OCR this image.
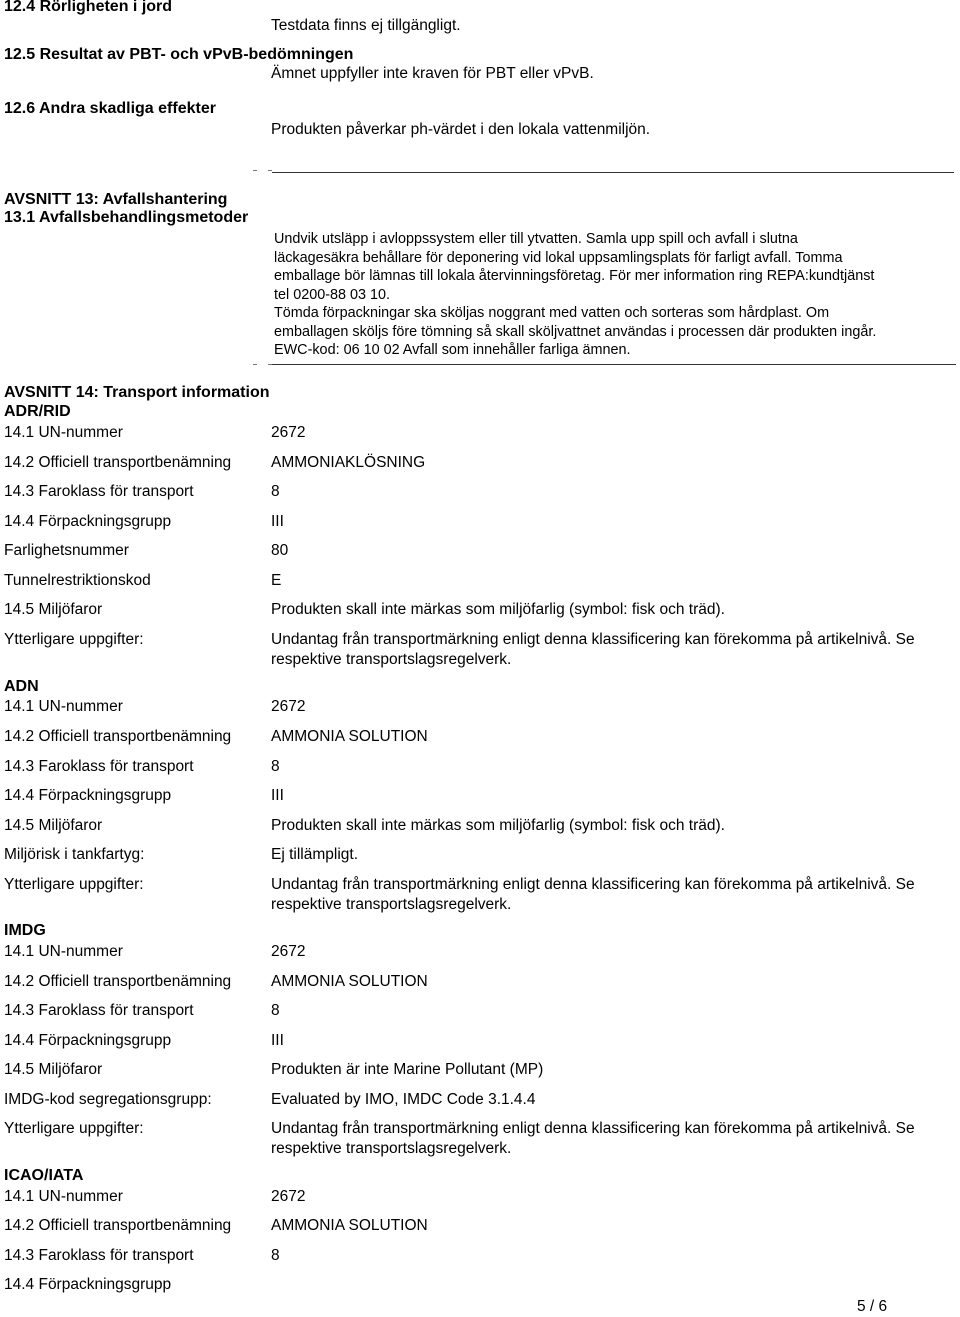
12.4 Rörligheten i jord
Testdata finns ej tillgängligt.
12.5 Resultat av PBT- och vPvB-bedömningen
Ämnet uppfyller inte kraven för PBT eller vPvB.
12.6 Andra skadliga effekter
Produkten påverkar ph-värdet i den lokala vattenmiljön.
AVSNITT 13: Avfallshantering
13.1 Avfallsbehandlingsmetoder
Undvik utsläpp i avloppssystem eller till ytvatten. Samla upp spill och avfall i slutna
läckagesäkra behållare för deponering vid lokal uppsamlingsplats för farligt avfall. Tomma
emballage bör lämnas till lokala återvinningsföretag. För mer information ring REPA:kundtjänst
tel 0200-88 03 10.
Tömda förpackningar ska sköljas noggrant med vatten och sorteras som hårdplast. Om
emballagen sköljs före tömning så skall sköljvattnet användas i processen där produkten ingår.
EWC-kod: 06 10 02 Avfall som innehåller farliga ämnen.
AVSNITT 14: Transport information
ADR/RID
14.1 UN-nummer	2672
14.2 Officiell transportbenämning	AMMONIAKLÖSNING
14.3 Faroklass för transport	8
14.4 Förpackningsgrupp	III
Farlighetsnummer	80
Tunnelrestriktionskod	E
14.5 Miljöfaror	Produkten skall inte märkas som miljöfarlig (symbol: fisk och träd).
Ytterligare uppgifter:	Undantag från transportmärkning enligt denna klassificering kan förekomma på artikelnivå. Se
respektive transportslagsregelverk.
ADN
14.1 UN-nummer	2672
14.2 Officiell transportbenämning	AMMONIA SOLUTION
14.3 Faroklass för transport	8
14.4 Förpackningsgrupp	III
14.5 Miljöfaror	Produkten skall inte märkas som miljöfarlig (symbol: fisk och träd).
Miljörisk i tankfartyg:	Ej tillämpligt.
Ytterligare uppgifter:	Undantag från transportmärkning enligt denna klassificering kan förekomma på artikelnivå. Se
respektive transportslagsregelverk.
IMDG
14.1 UN-nummer	2672
14.2 Officiell transportbenämning	AMMONIA SOLUTION
14.3 Faroklass för transport	8
14.4 Förpackningsgrupp	III
14.5 Miljöfaror	Produkten är inte Marine Pollutant (MP)
IMDG-kod segregationsgrupp:	Evaluated by IMO, IMDC Code 3.1.4.4
Ytterligare uppgifter:	Undantag från transportmärkning enligt denna klassificering kan förekomma på artikelnivå. Se
respektive transportslagsregelverk.
ICAO/IATA
14.1 UN-nummer	2672
14.2 Officiell transportbenämning	AMMONIA SOLUTION
14.3 Faroklass för transport	8
14.4 Förpackningsgrupp
5 / 6
